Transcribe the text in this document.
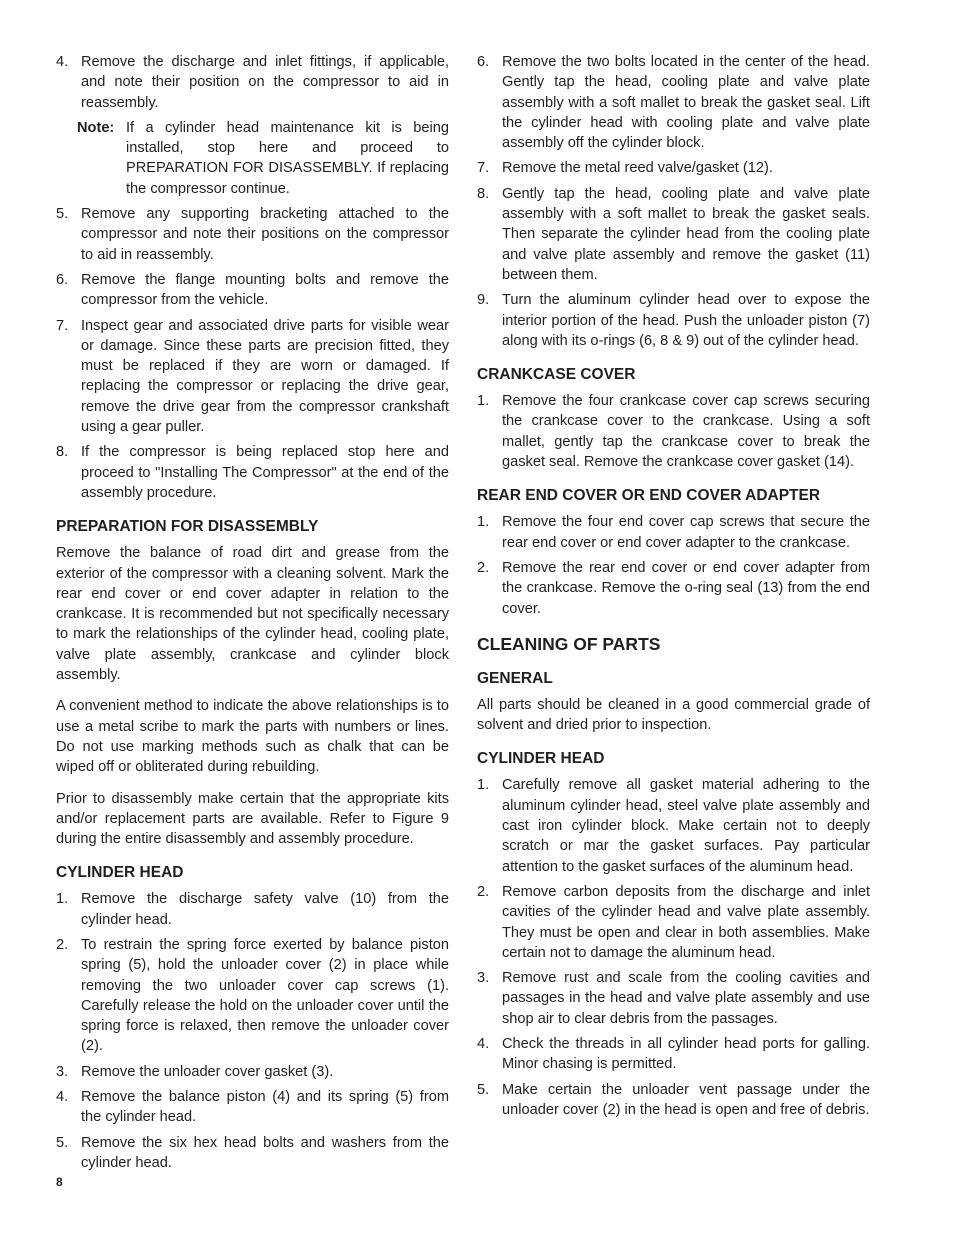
4. Remove the discharge and inlet fittings, if applicable, and note their position on the compressor to aid in reassembly.
Note: If a cylinder head maintenance kit is being installed, stop here and proceed to PREPARATION FOR DISASSEMBLY. If replacing the compressor continue.
5. Remove any supporting bracketing attached to the compressor and note their positions on the compressor to aid in reassembly.
6. Remove the flange mounting bolts and remove the compressor from the vehicle.
7. Inspect gear and associated drive parts for visible wear or damage. Since these parts are precision fitted, they must be replaced if they are worn or damaged. If replacing the compressor or replacing the drive gear, remove the drive gear from the compressor crankshaft using a gear puller.
8. If the compressor is being replaced stop here and proceed to "Installing The Compressor" at the end of the assembly procedure.
PREPARATION FOR DISASSEMBLY

Remove the balance of road dirt and grease from the exterior of the compressor with a cleaning solvent. Mark the rear end cover or end cover adapter in relation to the crankcase. It is recommended but not specifically necessary to mark the relationships of the cylinder head, cooling plate, valve plate assembly, crankcase and cylinder block assembly.

A convenient method to indicate the above relationships is to use a metal scribe to mark the parts with numbers or lines. Do not use marking methods such as chalk that can be wiped off or obliterated during rebuilding.

Prior to disassembly make certain that the appropriate kits and/or replacement parts are available. Refer to Figure 9 during the entire disassembly and assembly procedure.

CYLINDER HEAD
1. Remove the discharge safety valve (10) from the cylinder head.
2. To restrain the spring force exerted by balance piston spring (5), hold the unloader cover (2) in place while removing the two unloader cover cap screws (1). Carefully release the hold on the unloader cover until the spring force is relaxed, then remove the unloader cover (2).
3. Remove the unloader cover gasket (3).
4. Remove the balance piston (4) and its spring (5) from the cylinder head.
5. Remove the six hex head bolts and washers from the cylinder head.
6. Remove the two bolts located in the center of the head. Gently tap the head, cooling plate and valve plate assembly with a soft mallet to break the gasket seal. Lift the cylinder head with cooling plate and valve plate assembly off the cylinder block.
7. Remove the metal reed valve/gasket (12).
8. Gently tap the head, cooling plate and valve plate assembly with a soft mallet to break the gasket seals. Then separate the cylinder head from the cooling plate and valve plate assembly and remove the gasket (11) between them.
9. Turn the aluminum cylinder head over to expose the interior portion of the head. Push the unloader piston (7) along with its o-rings (6, 8 & 9) out of the cylinder head.
CRANKCASE COVER
1. Remove the four crankcase cover cap screws securing the crankcase cover to the crankcase. Using a soft mallet, gently tap the crankcase cover to break the gasket seal. Remove the crankcase cover gasket (14).
REAR END COVER OR END COVER ADAPTER
1. Remove the four end cover cap screws that secure the rear end cover or end cover adapter to the crankcase.
2. Remove the rear end cover or end cover adapter from the crankcase. Remove the o-ring seal (13) from the end cover.
CLEANING OF PARTS
GENERAL

All parts should be cleaned in a good commercial grade of solvent and dried prior to inspection.

CYLINDER HEAD
1. Carefully remove all gasket material adhering to the aluminum cylinder head, steel valve plate assembly and cast iron cylinder block. Make certain not to deeply scratch or mar the gasket surfaces. Pay particular attention to the gasket surfaces of the aluminum head.
2. Remove carbon deposits from the discharge and inlet cavities of the cylinder head and valve plate assembly. They must be open and clear in both assemblies. Make certain not to damage the aluminum head.
3. Remove rust and scale from the cooling cavities and passages in the head and valve plate assembly and use shop air to clear debris from the passages.
4. Check the threads in all cylinder head ports for galling. Minor chasing is permitted.
5. Make certain the unloader vent passage under the unloader cover (2) in the head is open and free of debris.
8
